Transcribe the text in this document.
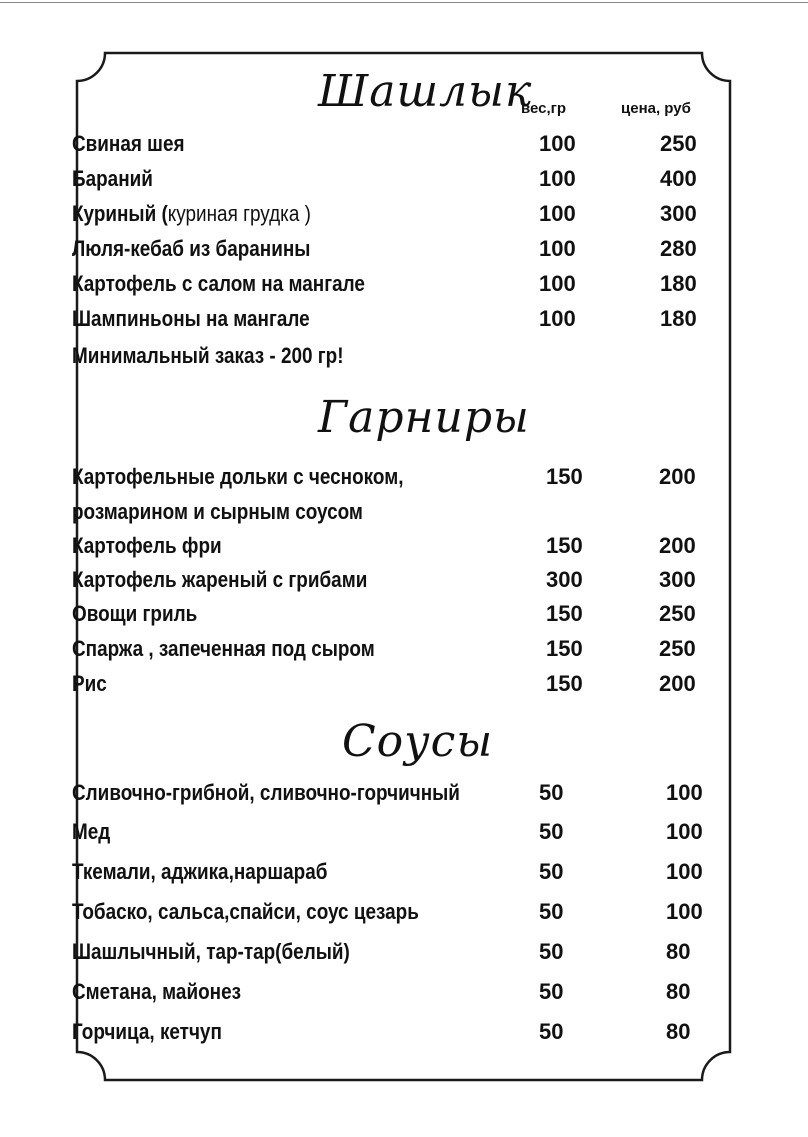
Шашлык
вес,гр	цена, руб
Свиная шея	100	250
Бараний	100	400
Куриный (куриная грудка )	100	300
Люля-кебаб из баранины	100	280
Картофель с салом на мангале	100	180
Шампиньоны на мангале	100	180
Минимальный заказ - 200 гр!
Гарниры
Картофельные дольки с чесноком,	150	200
розмарином и сырным соусом
Картофель фри	150	200
Картофель жареный с грибами	300	300
Овощи гриль	150	250
Спаржа , запеченная под сыром	150	250
Рис	150	200
Соусы
Сливочно-грибной, сливочно-горчичный	50	100
Мед	50	100
Ткемали, аджика,наршараб	50	100
Тобаско, сальса,спайси, соус цезарь	50	100
Шашлычный, тар-тар(белый)	50	80
Сметана, майонез	50	80
Горчица, кетчуп	50	80
